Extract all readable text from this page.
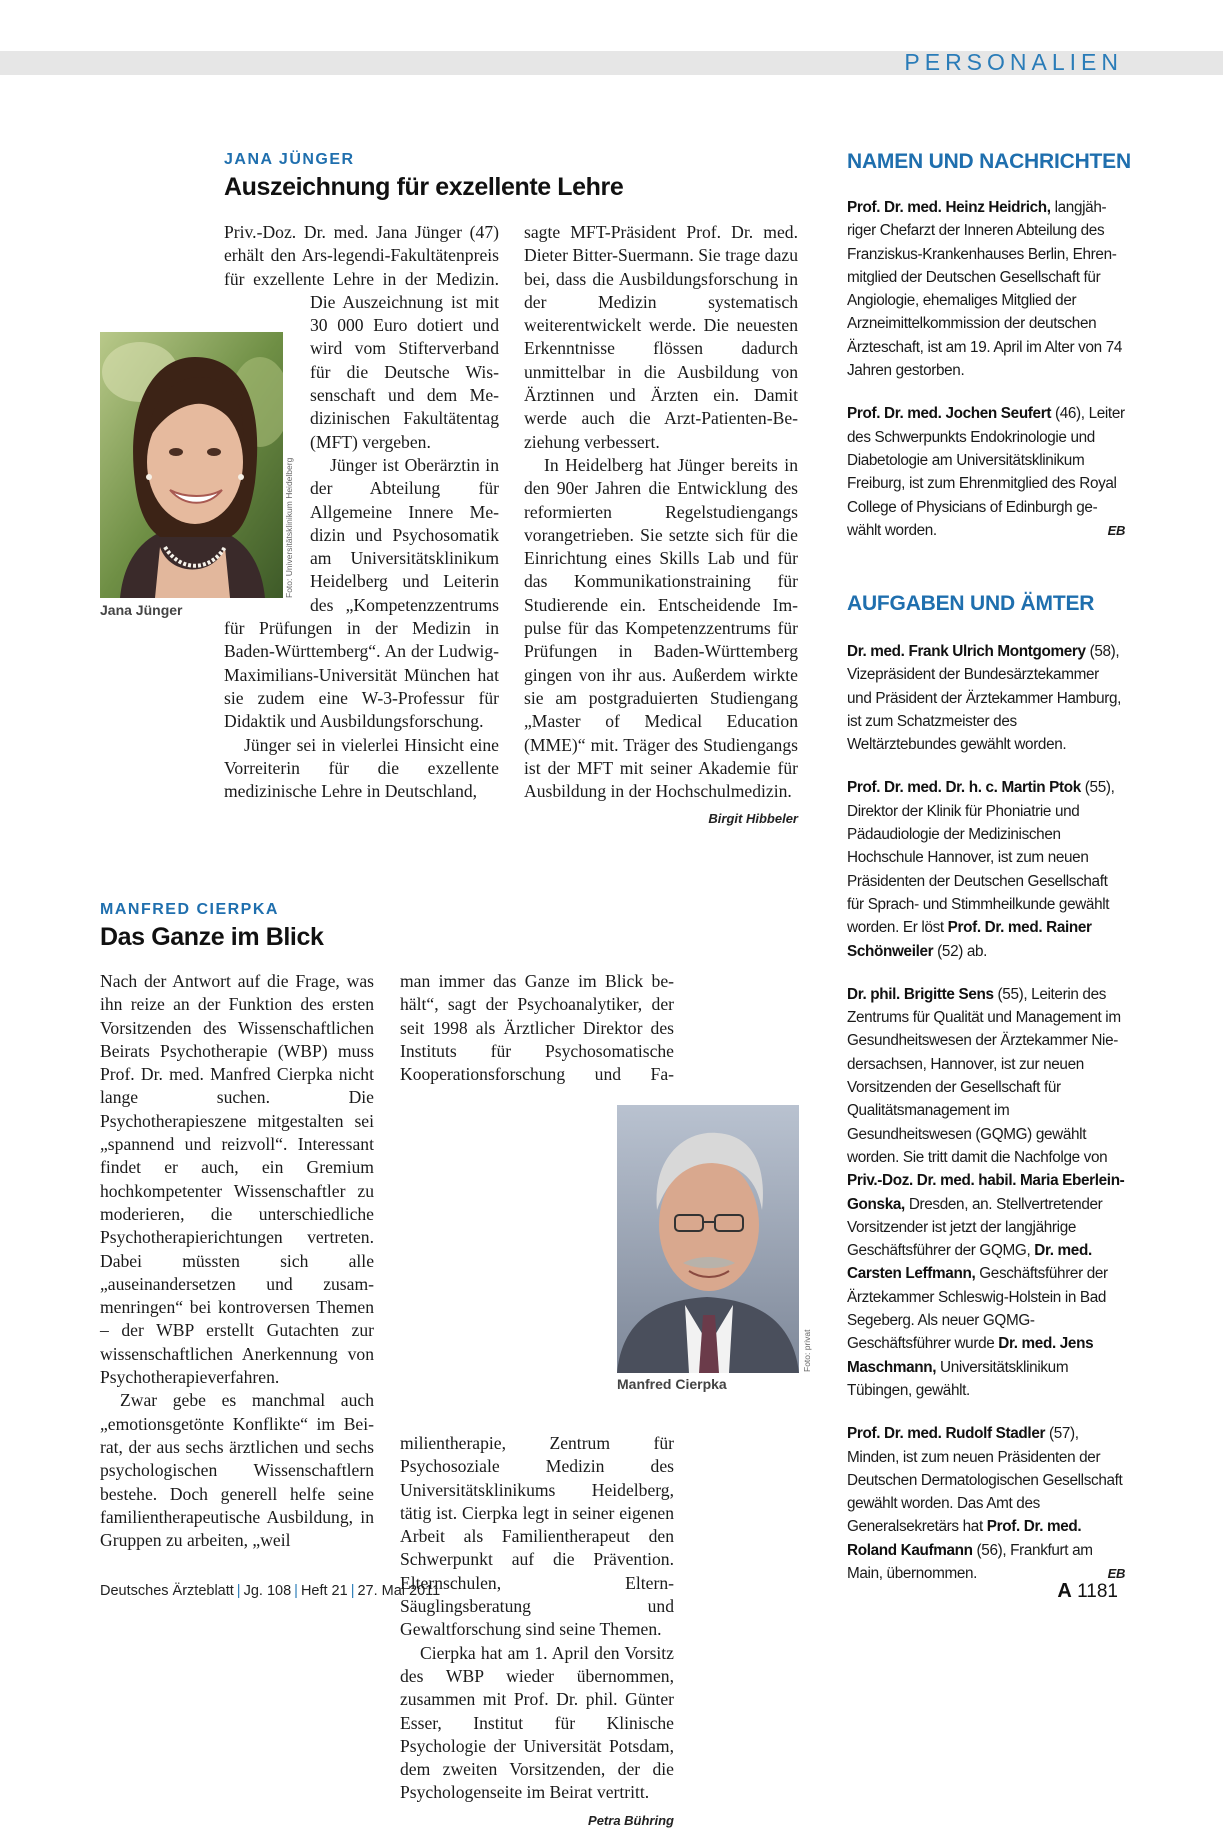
PERSONALIEN
JANA JÜNGER
Auszeichnung für exzellente Lehre
Foto: Universitätsklinikum Heidelberg
Jana Jünger

Priv.-Doz. Dr. med. Jana Jünger (47) erhält den Ars-legendi-Fakultätenpreis für exzellente Lehre in der Medizin. Die Auszeichnung ist mit 30 000 Euro dotiert und wird vom Stifterverband für die Deutsche Wissenschaft und dem Medizinischen Fakultätentag (MFT) vergeben.

Jünger ist Oberärztin in der Abteilung für Allgemeine Innere Medizin und Psychosomatik am Universitätsklinikum Heidelberg und Leiterin des „Kompetenzzentrums für Prüfungen in der Medizin in Baden-Württemberg“. An der Ludwig-Maximilians-Universität München hat sie zudem eine W-3-Professur für Didaktik und Ausbildungsforschung.

Jünger sei in vielerlei Hinsicht eine Vorreiterin für die exzellente medizinische Lehre in Deutschland,

sagte MFT-Präsident Prof. Dr. med. Dieter Bitter-Suermann. Sie trage dazu bei, dass die Ausbildungsforschung in der Medizin systematisch weiterentwickelt werde. Die neuesten Erkenntnisse flössen dadurch unmittelbar in die Ausbildung von Ärztinnen und Ärzten ein. Damit werde auch die Arzt-Patienten-Beziehung verbessert.

In Heidelberg hat Jünger bereits in den 90er Jahren die Entwicklung des reformierten Regelstudiengangs vorangetrieben. Sie setzte sich für die Einrichtung eines Skills Lab und für das Kommunikationstraining für Studierende ein. Entscheidende Impulse für das Kompetenzzentrums für Prüfungen in Baden-Württemberg gingen von ihr aus. Außerdem wirkte sie am postgraduierten Studiengang „Master of Medical Education (MME)“ mit. Träger des Studiengangs ist der MFT mit seiner Akademie für Ausbildung in der Hochschulmedizin.
Birgit Hibbeler

MANFRED CIERPKA
Das Ganze im Blick

Nach der Antwort auf die Frage, was ihn reize an der Funktion des ersten Vorsitzenden des Wissenschaftlichen Beirats Psychotherapie (WBP) muss Prof. Dr. med. Manfred Cierpka nicht lange suchen. Die Psychotherapieszene mitgestalten sei „spannend und reizvoll“. Interessant findet er auch, ein Gremium hochkompetenter Wissenschaftler zu moderieren, die unterschiedliche Psychotherapierichtungen vertreten. Dabei müssten sich alle „auseinandersetzen und zusammenringen“ bei kontroversen Themen – der WBP erstellt Gutachten zur wissenschaftlichen Anerkennung von Psychotherapieverfahren.

Zwar gebe es manchmal auch „emotionsgetönte Konflikte“ im Beirat, der aus sechs ärztlichen und sechs psychologischen Wissenschaftlern bestehe. Doch generell helfe seine familientherapeutische Ausbildung, in Gruppen zu arbeiten, „weil

Foto: privat
Manfred Cierpka

man immer das Ganze im Blick behält“, sagt der Psychoanalytiker, der seit 1998 als Ärztlicher Direktor des Instituts für Psychosomatische Kooperationsforschung und Familientherapie, Zentrum für Psychosoziale Medizin des Universitätsklinikums Heidelberg, tätig ist. Cierpka legt in seiner eigenen Arbeit als Familientherapeut den Schwerpunkt auf die Prävention. Elternschulen, Eltern-Säuglingsberatung und Gewaltforschung sind seine Themen.

Cierpka hat am 1. April den Vorsitz des WBP wieder übernommen, zusammen mit Prof. Dr. phil. Günter Esser, Institut für Klinische Psychologie der Universität Potsdam, dem zweiten Vorsitzenden, der die Psychologenseite im Beirat vertritt.
Petra Bühring

NAMEN UND NACHRICHTEN

Prof. Dr. med. Heinz Heidrich, langjähriger Chefarzt der Inneren Abteilung des Franziskus-Krankenhauses Berlin, Ehrenmitglied der Deutschen Gesellschaft für Angiologie, ehemaliges Mitglied der Arzneimittelkommission der deutschen Ärzteschaft, ist am 19. April im Alter von 74 Jahren gestorben.

Prof. Dr. med. Jochen Seufert (46), Leiter des Schwerpunkts Endokrinologie und Diabetologie am Universitätsklinikum Freiburg, ist zum Ehrenmitglied des Royal College of Physicians of Edinburgh gewählt worden.	EB

AUFGABEN UND ÄMTER

Dr. med. Frank Ulrich Montgomery (58), Vizepräsident der Bundesärztekammer und Präsident der Ärztekammer Hamburg, ist zum Schatzmeister des Weltärztebundes gewählt worden.

Prof. Dr. med. Dr. h. c. Martin Ptok (55), Direktor der Klinik für Phoniatrie und Pädaudiologie der Medizinischen Hochschule Hannover, ist zum neuen Präsidenten der Deutschen Gesellschaft für Sprach- und Stimmheilkunde gewählt worden. Er löst Prof. Dr. med. Rainer Schönweiler (52) ab.

Dr. phil. Brigitte Sens (55), Leiterin des Zentrums für Qualität und Management im Gesundheitswesen der Ärztekammer Niedersachsen, Hannover, ist zur neuen Vorsitzenden der Gesellschaft für Qualitätsmanagement im Gesundheitswesen (GQMG) gewählt worden. Sie tritt damit die Nachfolge von Priv.-Doz. Dr. med. habil. Maria Eberlein-Gonska, Dresden, an. Stellvertretender Vorsitzender ist jetzt der langjährige Geschäftsführer der GQMG, Dr. med. Carsten Leffmann, Geschäftsführer der Ärztekammer Schleswig-Holstein in Bad Segeberg. Als neuer GQMG-Geschäftsführer wurde Dr. med. Jens Maschmann, Universitätsklinikum Tübingen, gewählt.

Prof. Dr. med. Rudolf Stadler (57), Minden, ist zum neuen Präsidenten der Deutschen Dermatologischen Gesellschaft gewählt worden. Das Amt des Generalsekretärs hat Prof. Dr. med. Roland Kaufmann (56), Frankfurt am Main, übernommen.	EB

Deutsches Ärzteblatt | Jg. 108 | Heft 21 | 27. Mai 2011	A 1181
